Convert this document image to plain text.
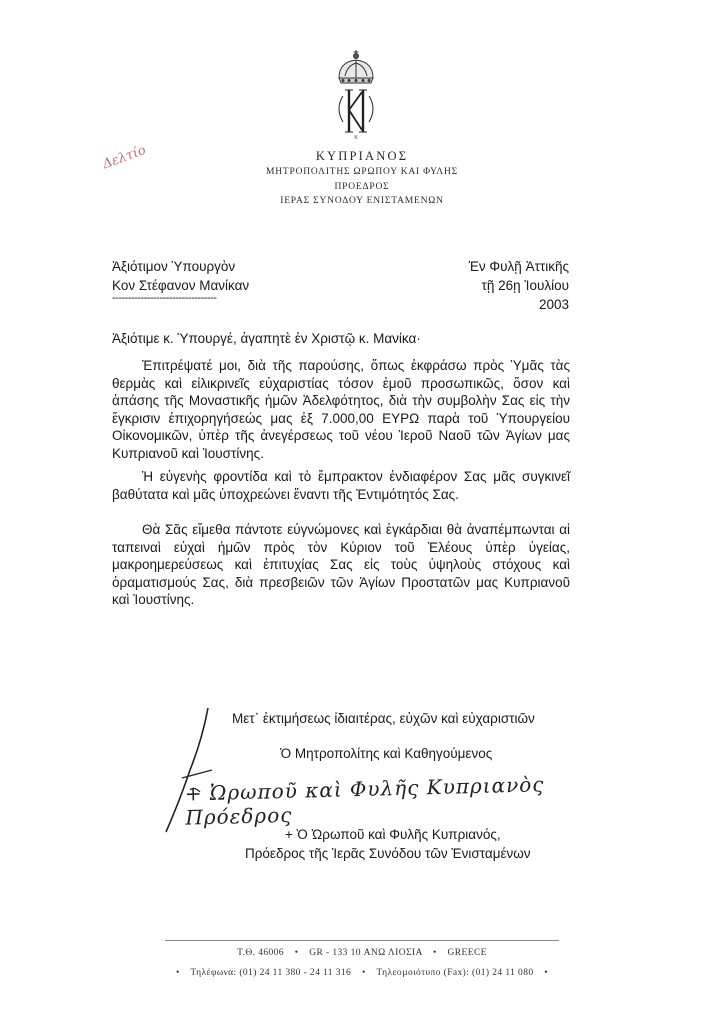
Κ
ΚΥΠΡΙΑΝΟΣ
ΜΗΤΡΟΠΟΛΙΤΗΣ ΩΡΩΠΟΥ ΚΑΙ ΦΥΛΗΣ
ΠΡΟΕΔΡΟΣ
ΙΕΡΑΣ ΣΥΝΟΔΟΥ ΕΝΙΣΤΑΜΕΝΩΝ
Δελτίο
Ἀξιότιμον Ὑπουργὸν
Κον Στέφανον Μανίκαν
---------------------------------
Ἐν Φυλῇ Ἀττικῆς
τῇ 26ῃ Ἰουλίου 2003
Ἀξιότιμε κ. Ὑπουργέ, ἀγαπητὲ ἐν Χριστῷ κ. Μανίκα·
Ἐπιτρέψατέ μοι, διὰ τῆς παρούσης, ὅπως ἐκφράσω πρὸς Ὑμᾶς τὰς θερμὰς καὶ εἰλικρινεῖς εὐχαριστίας τόσον ἐμοῦ προσωπικῶς, ὅσον καὶ ἁπάσης τῆς Μοναστικῆς ἡμῶν Ἀδελφότητος, διὰ τὴν συμβολὴν Σας εἰς τὴν ἔγκρισιν ἐπιχορηγήσεώς μας ἐξ 7.000,00 ΕΥΡΩ παρὰ τοῦ Ὑπουργείου Οἰκονομικῶν, ὑπὲρ τῆς ἀνεγέρσεως τοῦ νέου Ἱεροῦ Ναοῦ τῶν Ἁγίων μας Κυπριανοῦ καὶ Ἰουστίνης.
Ἡ εὐγενὴς φροντίδα καὶ τὸ ἔμπρακτον ἐνδιαφέρον Σας μᾶς συγκινεῖ βαθύτατα καὶ μᾶς ὑποχρεώνει ἔναντι τῆς Ἐντιμότητός Σας.
Θὰ Σᾶς εἴμεθα πάντοτε εὐγνώμονες καὶ ἐγκάρδιαι θὰ ἀναπέμπωνται αἱ ταπειναὶ εὐχαὶ ἡμῶν πρὸς τὸν Κύριον τοῦ Ἐλέους ὑπὲρ ὑγείας, μακροημερεύσεως καὶ ἐπιτυχίας Σας εἰς τοὺς ὑψηλοὺς στόχους καὶ ὁραματισμούς Σας, διὰ πρεσβειῶν τῶν Ἁγίων Προστατῶν μας Κυπριανοῦ καὶ Ἰουστίνης.
Μετ᾽ ἐκτιμήσεως ἰδιαιτέρας, εὐχῶν καὶ εὐχαριστιῶν
Ὁ Μητροπολίτης καὶ Καθηγούμενος
+ Ὠρωποῦ καὶ Φυλῆς Κυπριανὸς Πρόεδρος
+ Ὁ Ὠρωποῦ καὶ Φυλῆς Κυπριανός,
Πρόεδρος τῆς Ἱερᾶς Συνόδου τῶν Ἐνισταμένων
Τ.Θ. 46006 • GR - 133 10 ΑΝΩ ΛΙΟΣΙΑ • GREECE
• Τηλέφωνα: (01) 24 11 380 - 24 11 316 • Τηλεοµοιότυπο (Fax): (01) 24 11 080 •
